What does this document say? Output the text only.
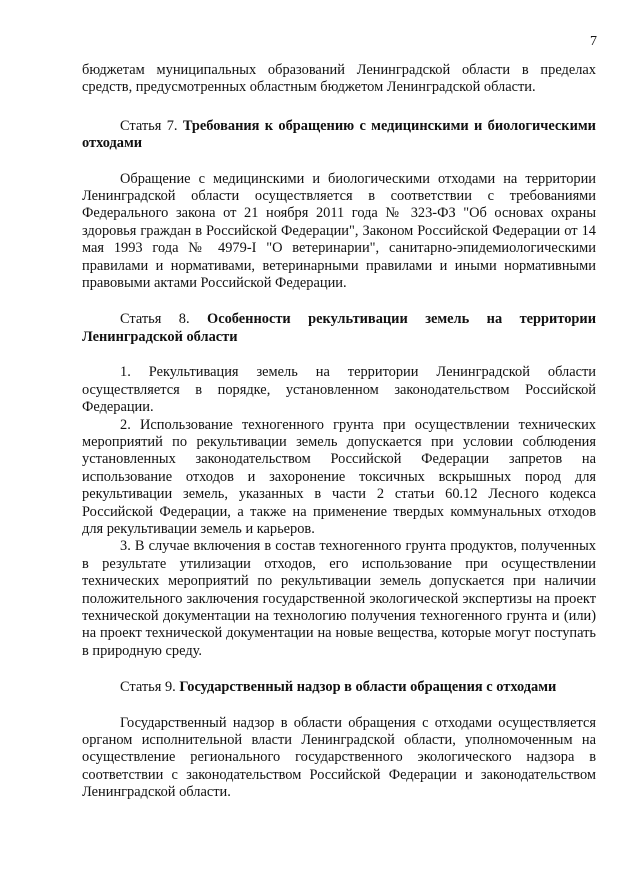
7

бюджетам муниципальных образований Ленинградской области в пределах средств, предусмотренных областным бюджетом Ленинградской области.

Статья 7. Требования к обращению с медицинскими и биологическими отходами

Обращение с медицинскими и биологическими отходами на территории Ленинградской области осуществляется в соответствии с требованиями Федерального закона от 21 ноября 2011 года № 323-ФЗ "Об основах охраны здоровья граждан в Российской Федерации", Законом Российской Федерации от 14 мая 1993 года № 4979-I "О ветеринарии", санитарно-эпидемиологическими правилами и нормативами, ветеринарными правилами и иными нормативными правовыми актами Российской Федерации.

Статья 8. Особенности рекультивации земель на территории Ленинградской области

1. Рекультивация земель на территории Ленинградской области осуществляется в порядке, установленном законодательством Российской Федерации.

2. Использование техногенного грунта при осуществлении технических мероприятий по рекультивации земель допускается при условии соблюдения установленных законодательством Российской Федерации запретов на использование отходов и захоронение токсичных вскрышных пород для рекультивации земель, указанных в части 2 статьи 60.12 Лесного кодекса Российской Федерации, а также на применение твердых коммунальных отходов для рекультивации земель и карьеров.

3. В случае включения в состав техногенного грунта продуктов, полученных в результате утилизации отходов, его использование при осуществлении технических мероприятий по рекультивации земель допускается при наличии положительного заключения государственной экологической экспертизы на проект технической документации на технологию получения техногенного грунта и (или) на проект технической документации на новые вещества, которые могут поступать в природную среду.

Статья 9. Государственный надзор в области обращения с отходами

Государственный надзор в области обращения с отходами осуществляется органом исполнительной власти Ленинградской области, уполномоченным на осуществление регионального государственного экологического надзора в соответствии с законодательством Российской Федерации и законодательством Ленинградской области.
